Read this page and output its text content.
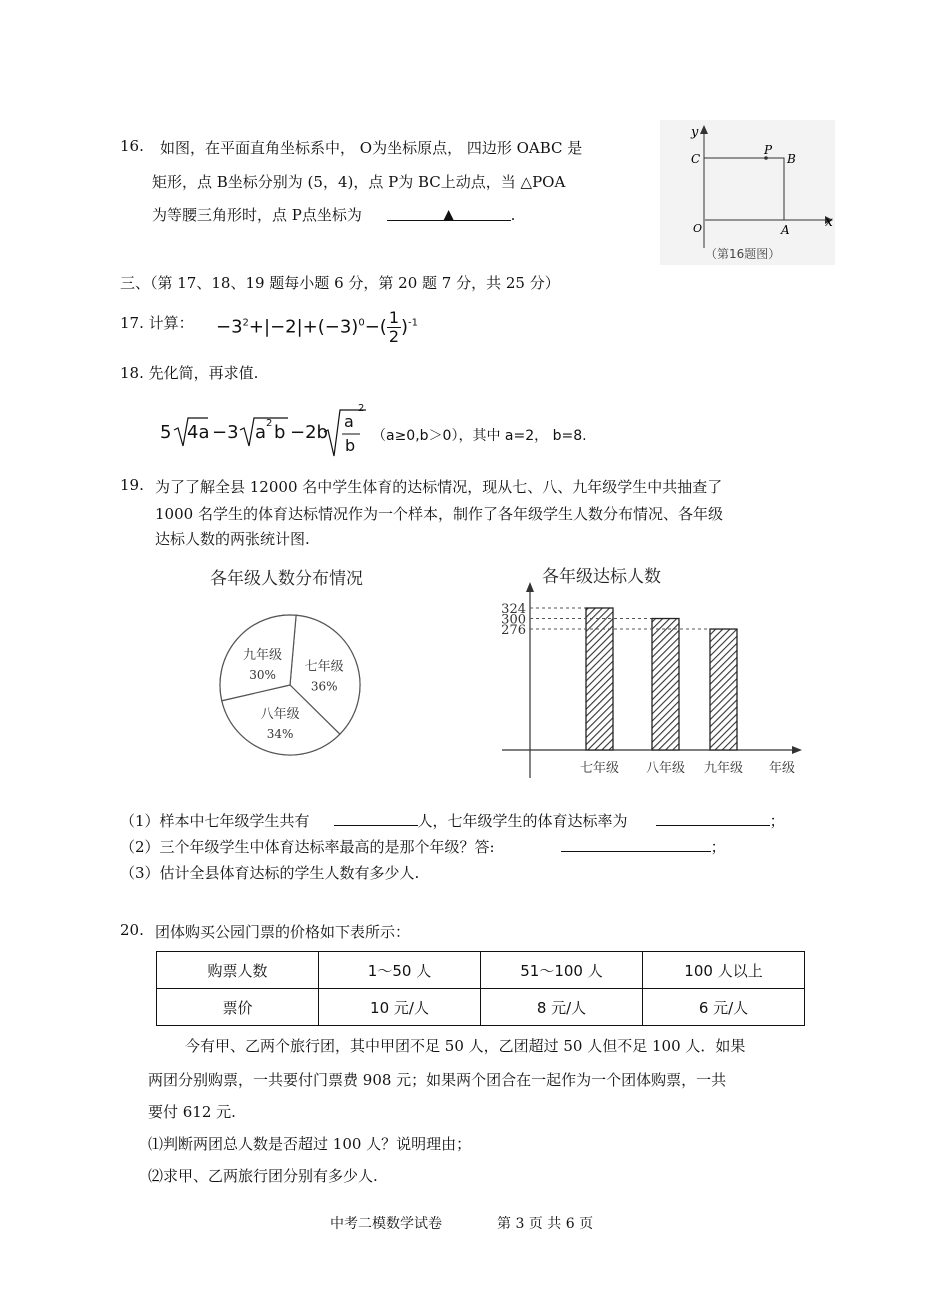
16. 如图，在平面直角坐标系中， O为坐标原点， 四边形 OABC 是
矩形，点 B坐标分别为 (5，4)，点 P为 BC上动点，当 △POA
为等腰三角形时，点 P点坐标为	▲	.
y
x
C
P
B
O	A
（第16题图）
三、（第 17、18、19 题每小题 6 分，第 20 题 7 分，共 25 分）
17. 计算： $-3^2+|-2|+(-3)^0-( \frac{1}{2} )^{-1}$
18. 先化简，再求值.
5 4a −3 a 2 b −2b
a
2
b （a≥0,b＞0），其中 a=2， b=8.
19. 为了了解全县 12000 名中学生体育的达标情况，现从七、八、九年级学生中共抽查了
1000 名学生的体育达标情况作为一个样本，制作了各年级学生人数分布情况、各年级
达标人数的两张统计图.
各年级人数分布情况
七年级
36%
八年级
34%
九年级
30%
各年级达标人数
324
七年级
300
八年级
276
九年级 年级
（1）样本中七年级学生共有	人，七年级学生的体育达标率为	；
（2）三个年级学生中体育达标率最高的是那个年级？答:	；
（3）估计全县体育达标的学生人数有多少人.
20. 团体购买公园门票的价格如下表所示：
购票人数	1～50 人	51～100 人	100 人以上
票价	10 元/人	8 元/人	6 元/人
今有甲、乙两个旅行团，其中甲团不足 50 人，乙团超过 50 人但不足 100 人．如果
两团分别购票，一共要付门票费 908 元；如果两个团合在一起作为一个团体购票，一共
要付 612 元.
⑴判断两团总人数是否超过 100 人？说明理由；
⑵求甲、乙两旅行团分别有多少人.
中考二模数学试卷	第 3 页 共 6 页
